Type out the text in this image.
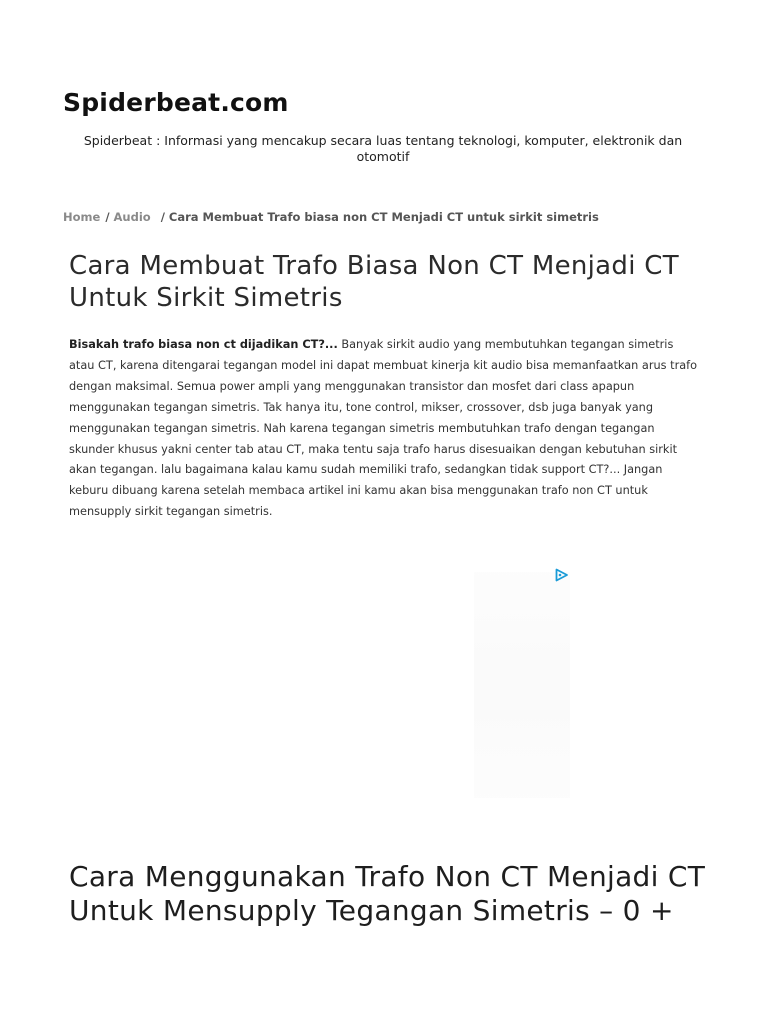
Spiderbeat.com

Spiderbeat : Informasi yang mencakup secara luas tentang teknologi, komputer, elektronik dan otomotif

Home / Audio / Cara Membuat Trafo biasa non CT Menjadi CT untuk sirkit simetris
Cara Membuat Trafo Biasa Non CT Menjadi CT Untuk Sirkit Simetris

Bisakah trafo biasa non ct dijadikan CT?... Banyak sirkit audio yang membutuhkan tegangan simetris atau CT, karena ditengarai tegangan model ini dapat membuat kinerja kit audio bisa memanfaatkan arus trafo dengan maksimal. Semua power ampli yang menggunakan transistor dan mosfet dari class apapun menggunakan tegangan simetris. Tak hanya itu, tone control, mikser, crossover, dsb juga banyak yang menggunakan tegangan simetris. Nah karena tegangan simetris membutuhkan trafo dengan tegangan skunder khusus yakni center tab atau CT, maka tentu saja trafo harus disesuaikan dengan kebutuhan sirkit akan tegangan. lalu bagaimana kalau kamu sudah memiliki trafo, sedangkan tidak support CT?... Jangan keburu dibuang karena setelah membaca artikel ini kamu akan bisa menggunakan trafo non CT untuk mensupply sirkit tegangan simetris.

Cara Menggunakan Trafo Non CT Menjadi CT Untuk Mensupply Tegangan Simetris – 0 +
